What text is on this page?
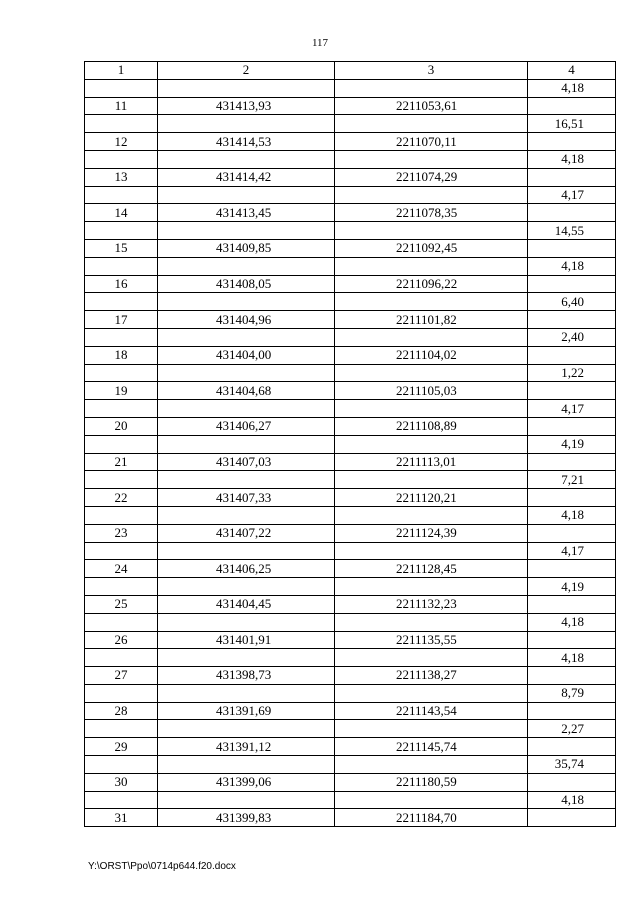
117
1	2	3	4
			4,18
11	431413,93	2211053,61	
			16,51
12	431414,53	2211070,11	
			4,18
13	431414,42	2211074,29	
			4,17
14	431413,45	2211078,35	
			14,55
15	431409,85	2211092,45	
			4,18
16	431408,05	2211096,22	
			6,40
17	431404,96	2211101,82	
			2,40
18	431404,00	2211104,02	
			1,22
19	431404,68	2211105,03	
			4,17
20	431406,27	2211108,89	
			4,19
21	431407,03	2211113,01	
			7,21
22	431407,33	2211120,21	
			4,18
23	431407,22	2211124,39	
			4,17
24	431406,25	2211128,45	
			4,19
25	431404,45	2211132,23	
			4,18
26	431401,91	2211135,55	
			4,18
27	431398,73	2211138,27	
			8,79
28	431391,69	2211143,54	
			2,27
29	431391,12	2211145,74	
			35,74
30	431399,06	2211180,59	
			4,18
31	431399,83	2211184,70	
Y:\ORST\Ppo\0714p644.f20.docx
